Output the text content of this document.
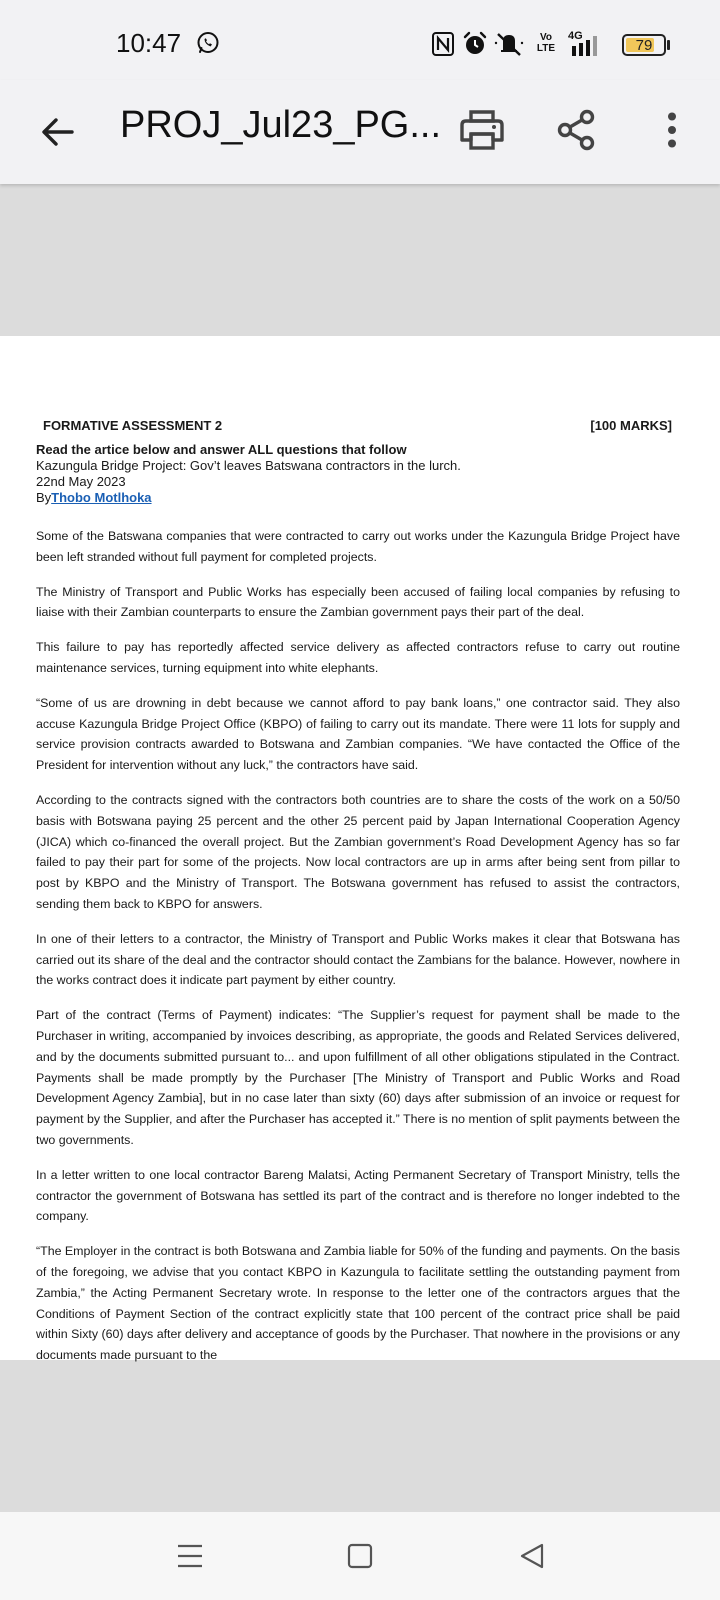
10:47	Vo LTE
4G
79
PROJ_Jul23_PG...
FORMATIVE ASSESSMENT 2	[100 MARKS]
Read the artice below and answer ALL questions that follow
Kazungula Bridge Project: Gov’t leaves Batswana contractors in the lurch.
22nd May 2023
ByThobo Motlhoka

Some of the Batswana companies that were contracted to carry out works under the Kazungula Bridge Project have been left stranded without full payment for completed projects.

The Ministry of Transport and Public Works has especially been accused of failing local companies by refusing to liaise with their Zambian counterparts to ensure the Zambian government pays their part of the deal.

This failure to pay has reportedly affected service delivery as affected contractors refuse to carry out routine maintenance services, turning equipment into white elephants.

“Some of us are drowning in debt because we cannot afford to pay bank loans,” one contractor said. They also accuse Kazungula Bridge Project Office (KBPO) of failing to carry out its mandate. There were 11 lots for supply and service provision contracts awarded to Botswana and Zambian companies. “We have contacted the Office of the President for intervention without any luck,” the contractors have said.

According to the contracts signed with the contractors both countries are to share the costs of the work on a 50/50 basis with Botswana paying 25 percent and the other 25 percent paid by Japan International Cooperation Agency (JICA) which co-financed the overall project. But the Zambian government’s Road Development Agency has so far failed to pay their part for some of the projects. Now local contractors are up in arms after being sent from pillar to post by KBPO and the Ministry of Transport. The Botswana government has refused to assist the contractors, sending them back to KBPO for answers.

In one of their letters to a contractor, the Ministry of Transport and Public Works makes it clear that Botswana has carried out its share of the deal and the contractor should contact the Zambians for the balance. However, nowhere in the works contract does it indicate part payment by either country.

Part of the contract (Terms of Payment) indicates: “The Supplier’s request for payment shall be made to the Purchaser in writing, accompanied by invoices describing, as appropriate, the goods and Related Services delivered, and by the documents submitted pursuant to... and upon fulfillment of all other obligations stipulated in the Contract. Payments shall be made promptly by the Purchaser [The Ministry of Transport and Public Works and Road Development Agency Zambia], but in no case later than sixty (60) days after submission of an invoice or request for payment by the Supplier, and after the Purchaser has accepted it.” There is no mention of split payments between the two governments.

In a letter written to one local contractor Bareng Malatsi, Acting Permanent Secretary of Transport Ministry, tells the contractor the government of Botswana has settled its part of the contract and is therefore no longer indebted to the company.

“The Employer in the contract is both Botswana and Zambia liable for 50% of the funding and payments. On the basis of the foregoing, we advise that you contact KBPO in Kazungula to facilitate settling the outstanding payment from Zambia,” the Acting Permanent Secretary wrote. In response to the letter one of the contractors argues that the Conditions of Payment Section of the contract explicitly state that 100 percent of the contract price shall be paid within Sixty (60) days after delivery and acceptance of goods by the Purchaser. That nowhere in the provisions or any documents made pursuant to the
